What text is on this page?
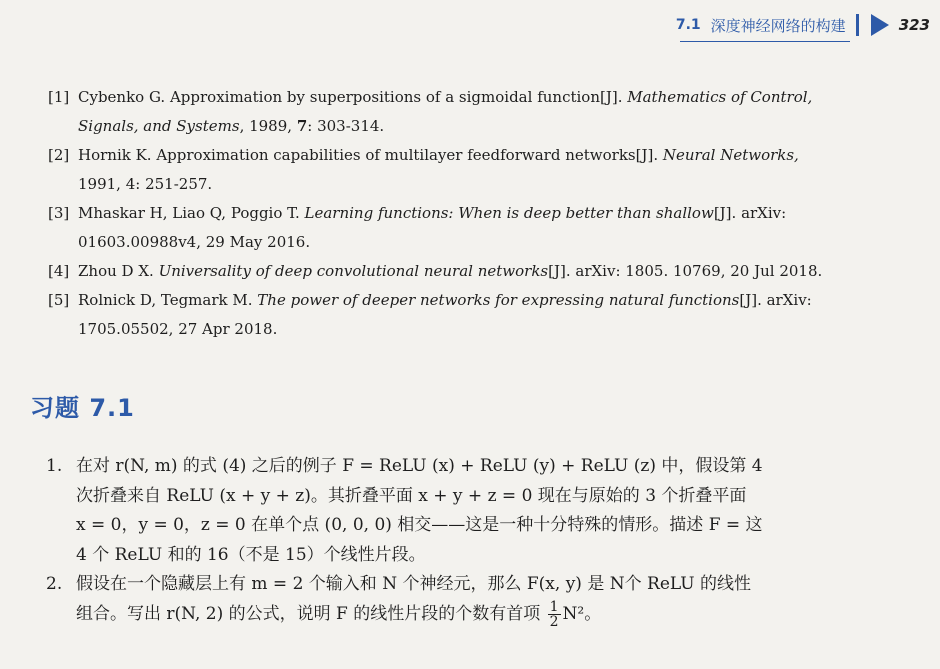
7.1 深度神经网络的构建	323
[1] Cybenko G. Approximation by superpositions of a sigmoidal function[J]. Mathematics of Control,
Signals, and Systems, 1989, 7: 303-314.
[2] Hornik K. Approximation capabilities of multilayer feedforward networks[J]. Neural Networks,
1991, 4: 251-257.
[3] Mhaskar H, Liao Q, Poggio T. Learning functions: When is deep better than shallow[J]. arXiv:
01603.00988v4, 29 May 2016.
[4] Zhou D X. Universality of deep convolutional neural networks[J]. arXiv: 1805. 10769, 20 Jul 2018.
[5] Rolnick D, Tegmark M. The power of deeper networks for expressing natural functions[J]. arXiv:
1705.05502, 27 Apr 2018.
习题 7.1
1. 在对 r(N, m) 的式 (4) 之后的例子 F = ReLU (x) + ReLU (y) + ReLU (z) 中，假设第 4
次折叠来自 ReLU (x + y + z)。其折叠平面 x + y + z = 0 现在与原始的 3 个折叠平面
x = 0，y = 0，z = 0 在单个点 (0, 0, 0) 相交——这是一种十分特殊的情形。描述 F = 这
4 个 ReLU 和的 16（不是 15）个线性片段。
2. 假设在一个隐藏层上有 m = 2 个输入和 N 个神经元，那么 F(x, y) 是 N个 ReLU 的线性
组合。写出 r(N, 2) 的公式，说明 F 的线性片段的个数有首项 $\frac{1}{2} N^2$。
